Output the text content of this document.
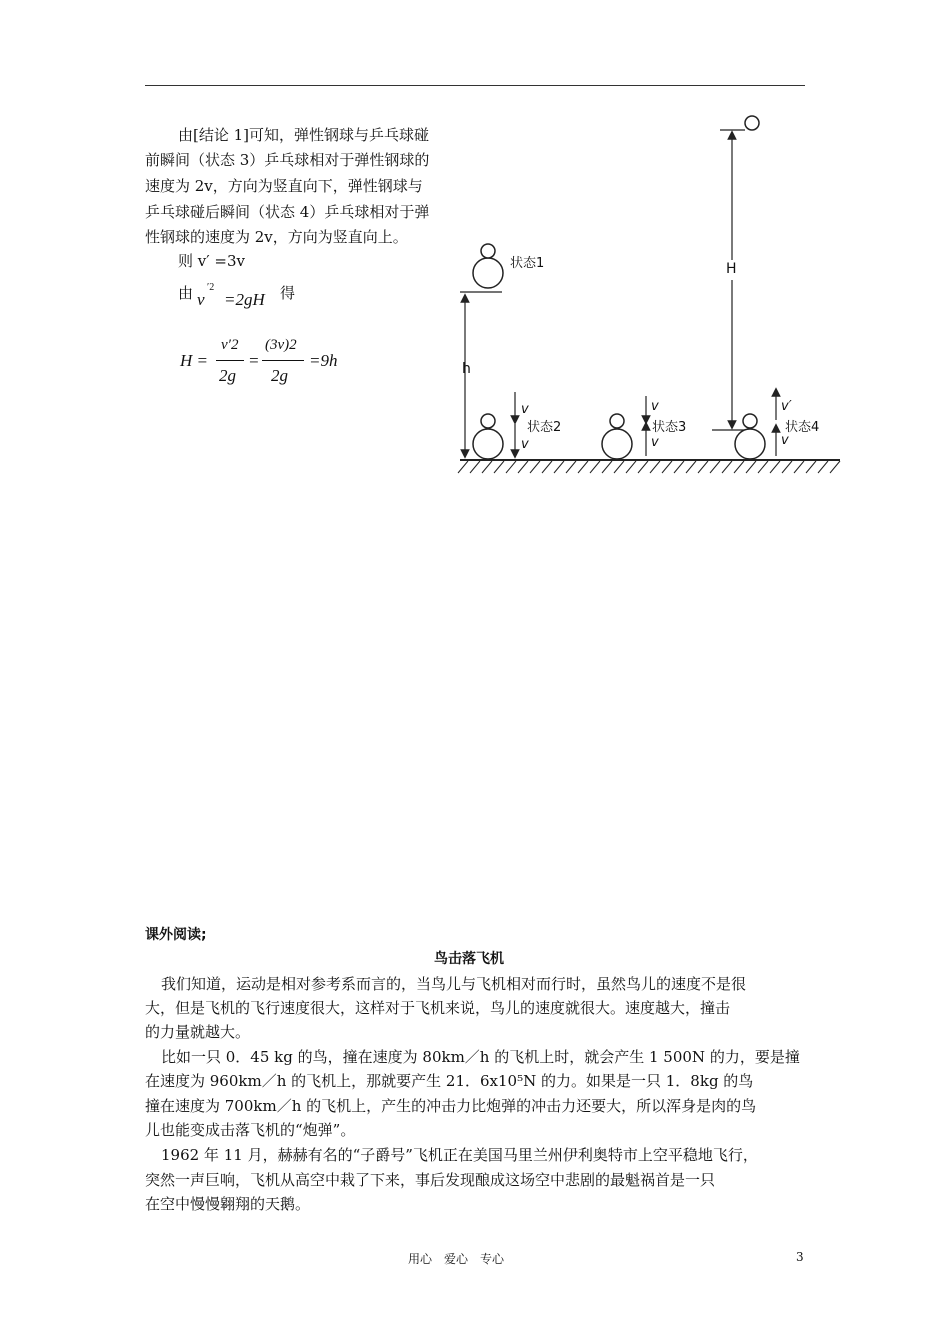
由[结论 1]可知，弹性钢球与乒乓球碰
前瞬间（状态 3）乒乓球相对于弹性钢球的
速度为 2v，方向为竖直向下，弹性钢球与
乒乓球碰后瞬间（状态 4）乒乓球相对于弹
性钢球的速度为 2v，方向为竖直向上。
则 v′ =3v
由 v
′2
=2gH 得
H =
v′2
2g
=
(3v)2
2g
=9h
状态1
h
v
v
状态2
v
v
状态3
H
v′
v
状态4
课外阅读;
鸟击落飞机
我们知道，运动是相对参考系而言的，当鸟儿与飞机相对而行时，虽然鸟儿的速度不是很
大，但是飞机的飞行速度很大，这样对于飞机来说，鸟儿的速度就很大。速度越大，撞击
的力量就越大。
比如一只 0．45 kg 的鸟，撞在速度为 80km／h 的飞机上时，就会产生 1 500N 的力，要是撞
在速度为 960km／h 的飞机上，那就要产生 21．6x10⁵N 的力。如果是一只 1．8kg 的鸟
撞在速度为 700km／h 的飞机上，产生的冲击力比炮弹的冲击力还要大，所以浑身是肉的鸟
儿也能变成击落飞机的“炮弹”。
1962 年 11 月，赫赫有名的“子爵号”飞机正在美国马里兰州伊利奥特市上空平稳地飞行，
突然一声巨响，飞机从高空中栽了下来，事后发现酿成这场空中悲剧的最魁祸首是一只
在空中慢慢翱翔的天鹅。
用心　爱心　专心	3
